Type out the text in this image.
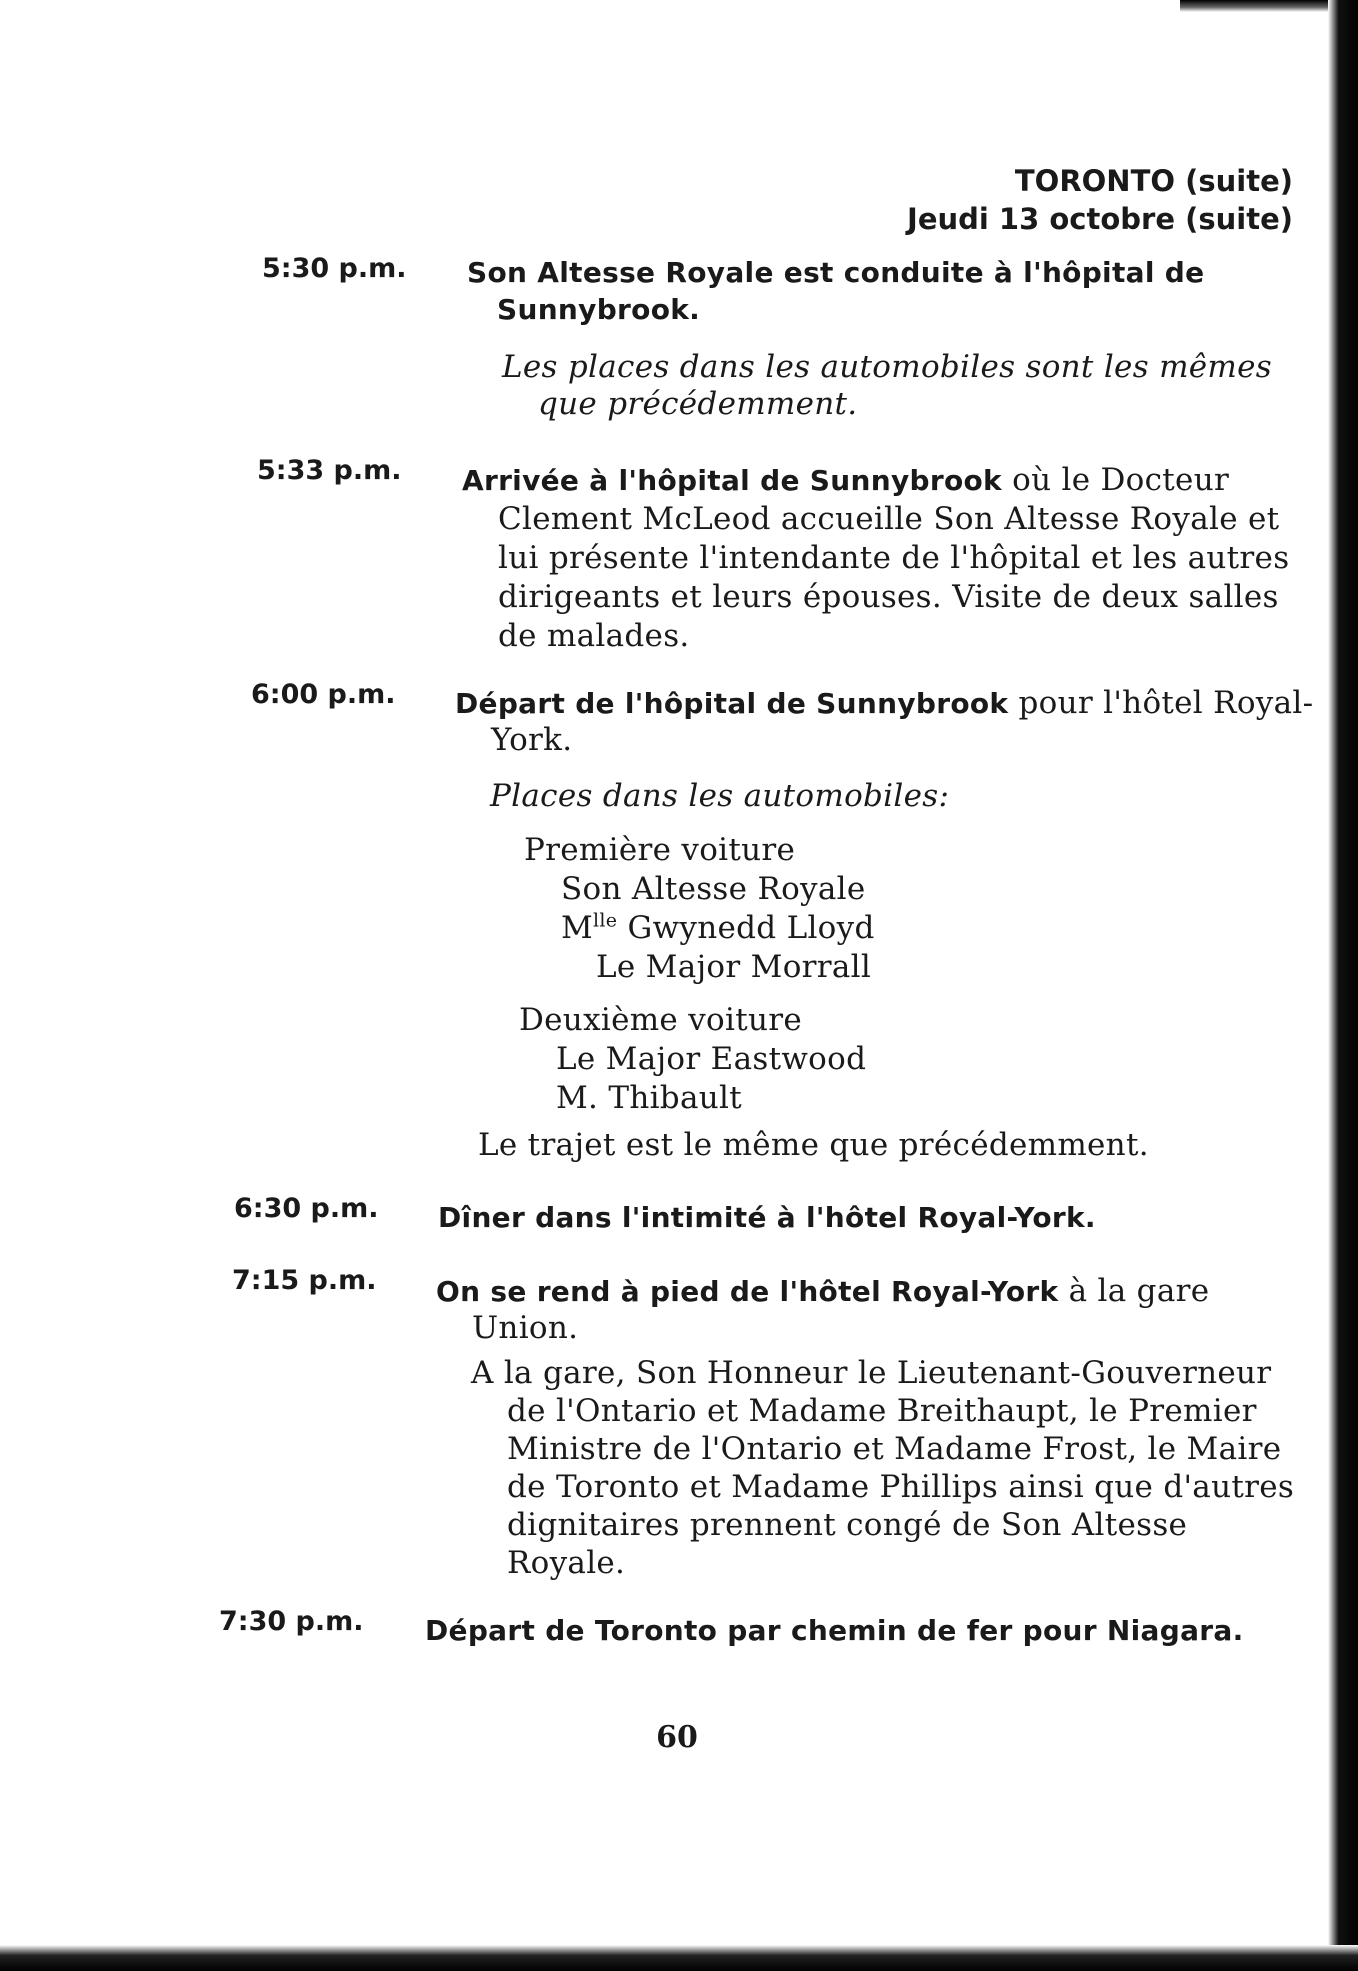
TORONTO (suite)
Jeudi 13 octobre (suite)
5:30 p.m. Son Altesse Royale est conduite à l'hôpital de Sunnybrook.
Les places dans les automobiles sont les mêmes que précédemment.
5:33 p.m. Arrivée à l'hôpital de Sunnybrook où le Docteur Clement McLeod accueille Son Altesse Royale et lui présente l'intendante de l'hôpital et les autres dirigeants et leurs épouses. Visite de deux salles de malades.
6:00 p.m. Départ de l'hôpital de Sunnybrook pour l'hôtel Royal-York.
Places dans les automobiles:
Première voiture
Son Altesse Royale
$M^{lle}$ Gwynedd Lloyd
Le Major Morrall
Deuxième voiture
Le Major Eastwood
M. Thibault
Le trajet est le même que précédemment.
6:30 p.m. Dîner dans l'intimité à l'hôtel Royal-York.
7:15 p.m. On se rend à pied de l'hôtel Royal-York à la gare Union.
A la gare, Son Honneur le Lieutenant-Gouverneur de l'Ontario et Madame Breithaupt, le Premier Ministre de l'Ontario et Madame Frost, le Maire de Toronto et Madame Phillips ainsi que d'autres dignitaires prennent congé de Son Altesse Royale.
7:30 p.m. Départ de Toronto par chemin de fer pour Niagara.
60
